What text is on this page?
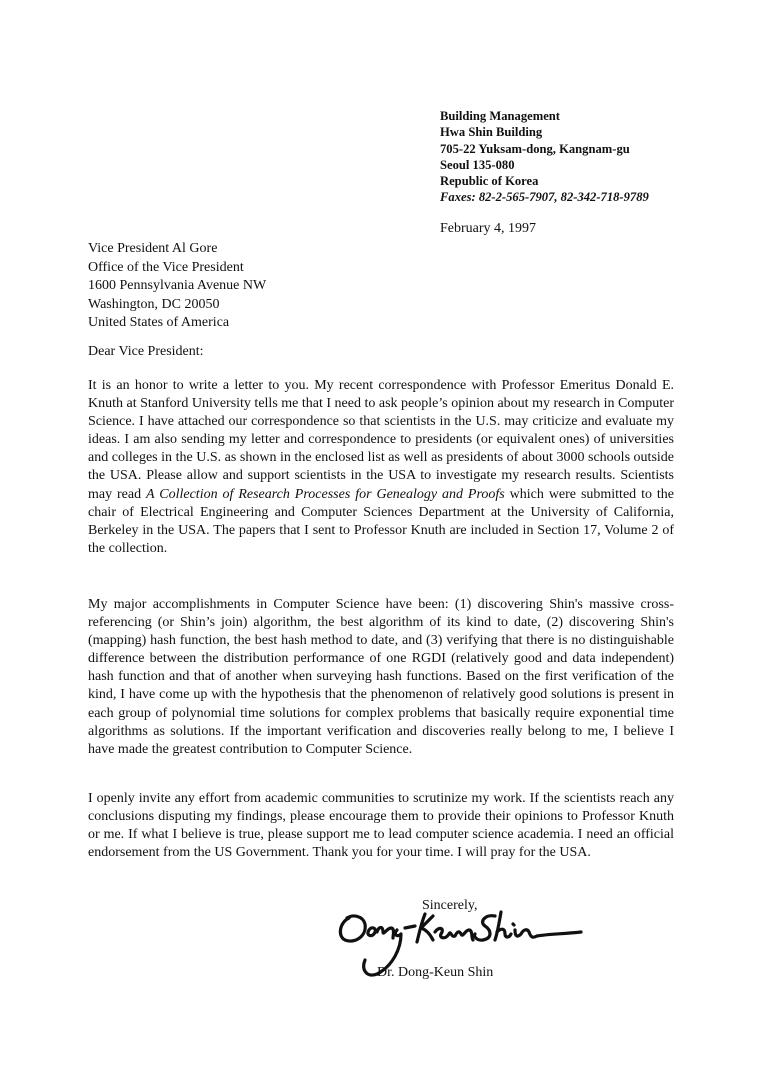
Building Management
Hwa Shin Building
705-22 Yuksam-dong, Kangnam-gu
Seoul 135-080
Republic of Korea
Faxes: 82-2-565-7907, 82-342-718-9789
February 4, 1997
Vice President Al Gore
Office of the Vice President
1600 Pennsylvania Avenue NW
Washington, DC 20050
United States of America
Dear Vice President:
It is an honor to write a letter to you. My recent correspondence with Professor Emeritus Donald E. Knuth at Stanford University tells me that I need to ask people’s opinion about my research in Computer Science. I have attached our correspondence so that scientists in the U.S. may criticize and evaluate my ideas. I am also sending my letter and correspondence to presidents (or equivalent ones) of universities and colleges in the U.S. as shown in the enclosed list as well as presidents of about 3000 schools outside the USA. Please allow and support scientists in the USA to investigate my research results. Scientists may read A Collection of Research Processes for Genealogy and Proofs which were submitted to the chair of Electrical Engineering and Computer Sciences Department at the University of California, Berkeley in the USA. The papers that I sent to Professor Knuth are included in Section 17, Volume 2 of the collection.
My major accomplishments in Computer Science have been: (1) discovering Shin's massive cross-referencing (or Shin’s join) algorithm, the best algorithm of its kind to date, (2) discovering Shin's (mapping) hash function, the best hash method to date, and (3) verifying that there is no distinguishable difference between the distribution performance of one RGDI (relatively good and data independent) hash function and that of another when surveying hash functions. Based on the first verification of the kind, I have come up with the hypothesis that the phenomenon of relatively good solutions is present in each group of polynomial time solutions for complex problems that basically require exponential time algorithms as solutions. If the important verification and discoveries really belong to me, I believe I have made the greatest contribution to Computer Science.
I openly invite any effort from academic communities to scrutinize my work. If the scientists reach any conclusions disputing my findings, please encourage them to provide their opinions to Professor Knuth or me. If what I believe is true, please support me to lead computer science academia. I need an official endorsement from the US Government. Thank you for your time. I will pray for the USA.
Sincerely,
Dr. Dong-Keun Shin
